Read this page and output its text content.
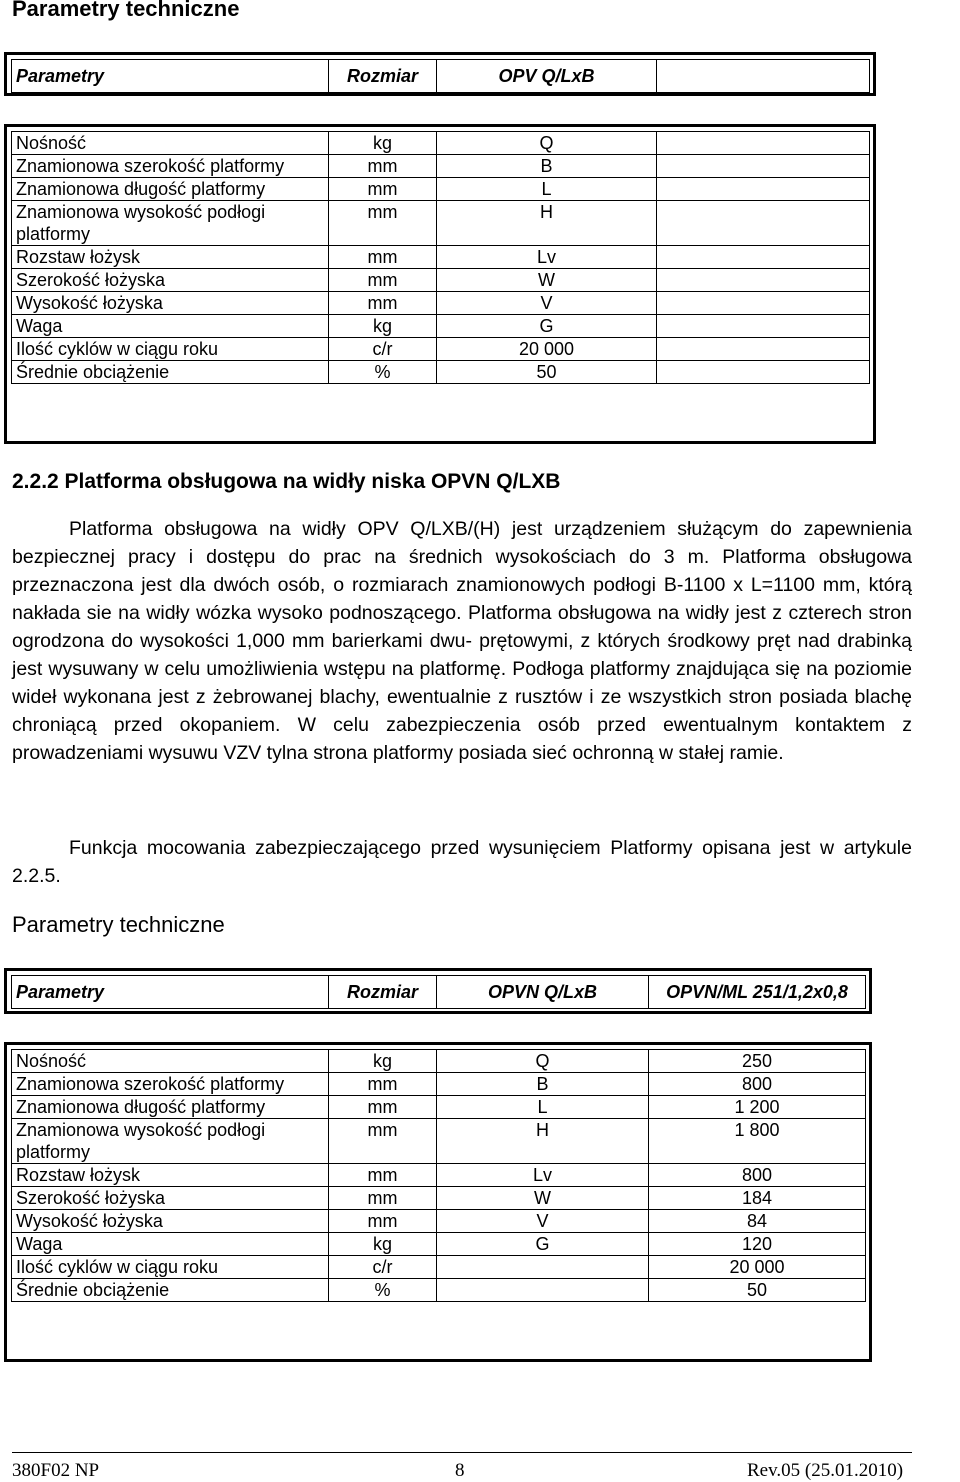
Parametry techniczne
Parametry	Rozmiar	OPV Q/LxB	
Nośność	kg	Q	
Znamionowa szerokość platformy	mm	B	
Znamionowa długość platformy	mm	L	
Znamionowa wysokość podłogi platformy	mm	H	
Rozstaw łożysk	mm	Lv	
Szerokość łożyska	mm	W	
Wysokość łożyska	mm	V	
Waga	kg	G	
Ilość cyklów w ciągu roku	c/r	20 000	
Średnie obciążenie	%	50	
2.2.2 Platforma obsługowa na widły niska OPVN Q/LXB
Platforma obsługowa na widły OPV Q/LXB/(H) jest urządzeniem służącym do zapewnienia bezpiecznej pracy i dostępu do prac na średnich wysokościach do 3 m. Platforma obsługowa przeznaczona jest dla dwóch osób, o rozmiarach znamionowych podłogi B-1100 x L=1100 mm, którą nakłada sie na widły wózka wysoko podnoszącego. Platforma obsługowa na widły jest z czterech stron ogrodzona do wysokości 1,000 mm barierkami dwu- prętowymi, z których środkowy pręt nad drabinką jest wysuwany w celu umożliwienia wstępu na platformę. Podłoga platformy znajdująca się na poziomie wideł wykonana jest z żebrowanej blachy, ewentualnie z rusztów i ze wszystkich stron posiada blachę chroniącą przed okopaniem. W celu zabezpieczenia osób przed ewentualnym kontaktem z prowadzeniami wysuwu VZV tylna strona platformy posiada sieć ochronną w stałej ramie.
Funkcja mocowania zabezpieczającego przed wysunięciem Platformy opisana jest w artykule 2.2.5.
Parametry techniczne
Parametry	Rozmiar	OPVN Q/LxB	OPVN/ML 251/1,2x0,8
Nośność	kg	Q	250
Znamionowa szerokość platformy	mm	B	800
Znamionowa długość platformy	mm	L	1 200
Znamionowa wysokość podłogi platformy	mm	H	1 800
Rozstaw łożysk	mm	Lv	800
Szerokość łożyska	mm	W	184
Wysokość łożyska	mm	V	84
Waga	kg	G	120
Ilość cyklów w ciągu roku	c/r		20 000
Średnie obciążenie	%		50
380F02 NP	8	Rev.05 (25.01.2010)
